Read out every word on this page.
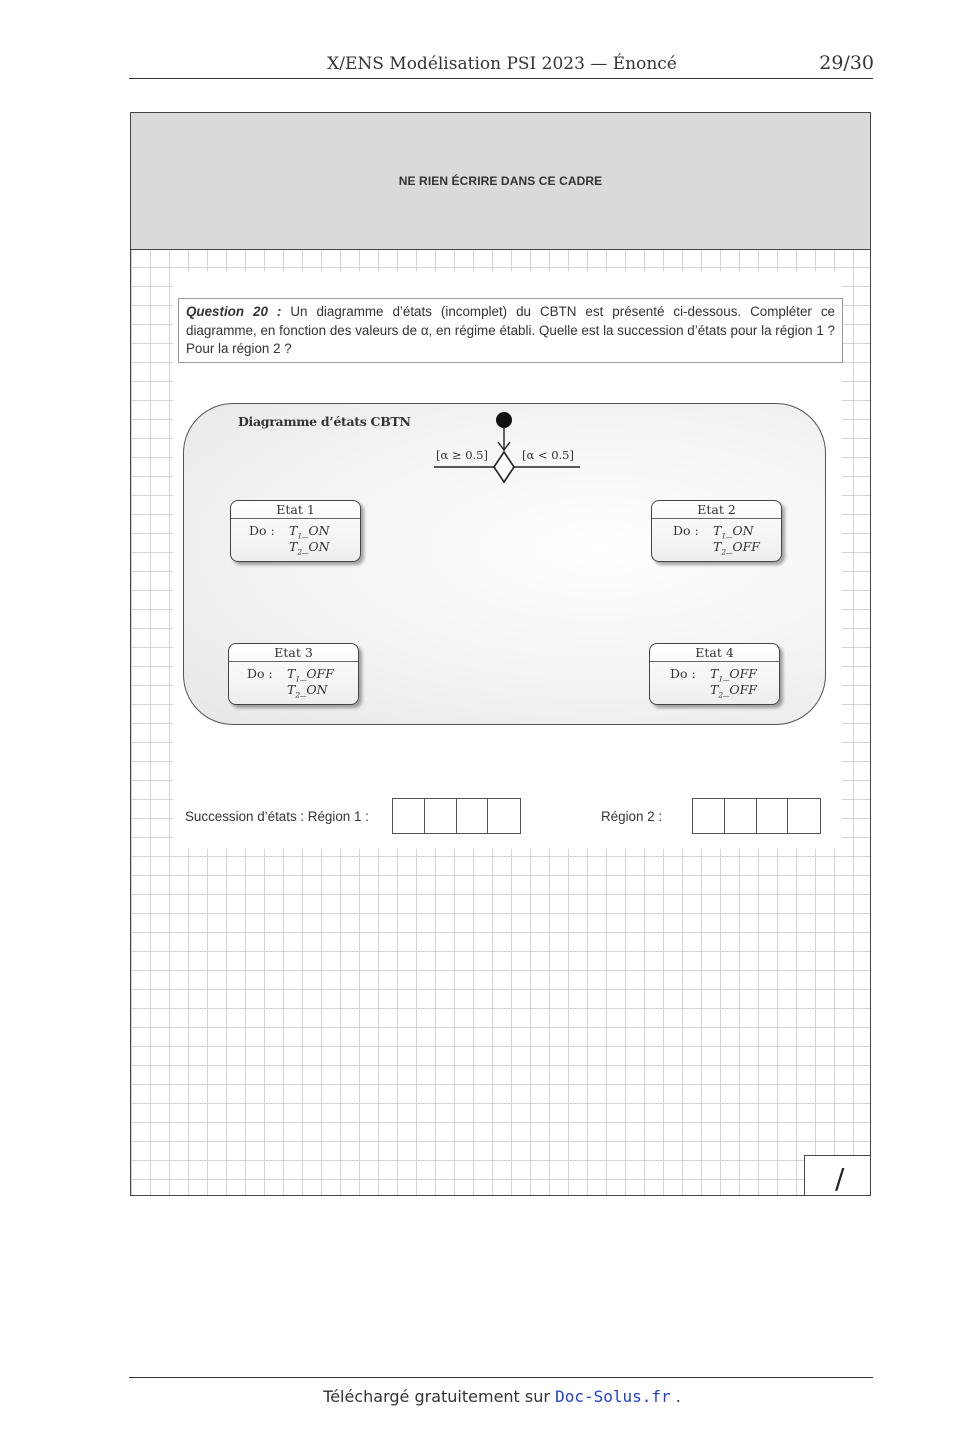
X/ENS Modélisation PSI 2023 — Énoncé	29/30
NE RIEN ÉCRIRE DANS CE CADRE
Question 20 : Un diagramme d’états (incomplet) du CBTN est présenté ci-dessous. Compléter ce diagramme, en fonction des valeurs de α, en régime établi. Quelle est la succession d’états pour la région 1 ? Pour la région 2 ?
Diagramme d’états CBTN
[α ≥ 0.5]	[α < 0.5]
Etat 1
Do : $T_1\_ON$
$T_2\_ON$
Etat 2
Do : $T_1\_ON$
$T_2\_OFF$
Etat 3
Do : $T_1\_OFF$
$T_2\_ON$
Etat 4
Do : $T_1\_OFF$
$T_2\_OFF$
Succession d’états : Région 1 :	Région 2 :
/
Téléchargé gratuitement sur Doc-Solus.fr .
